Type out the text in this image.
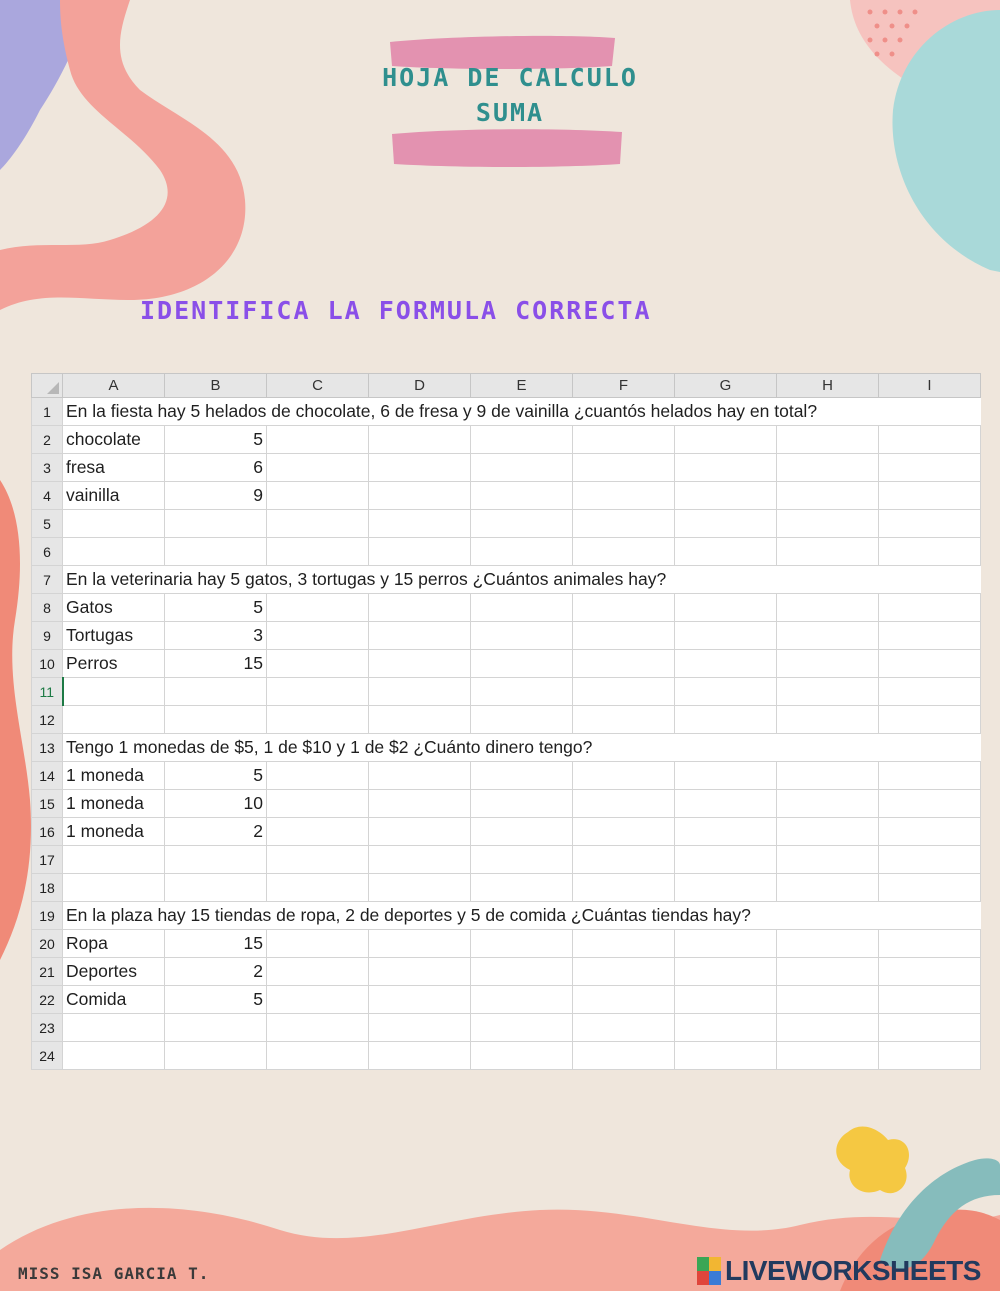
HOJA DE CALCULO
SUMA
IDENTIFICA LA FORMULA CORRECTA
	A	B	C	D	E	F	G	H	I
1	En la fiesta hay 5 helados de chocolate, 6 de fresa y 9 de vainilla ¿cuantós helados hay en total?								
2	chocolate	5							
3	fresa	6							
4	vainilla	9							
5									
6									
7	En la veterinaria hay 5 gatos, 3 tortugas y 15 perros ¿Cuántos animales hay?								
8	Gatos	5							
9	Tortugas	3							
10	Perros	15							
11									
12									
13	Tengo 1 monedas de $5, 1 de $10 y 1 de $2 ¿Cuánto dinero tengo?								
14	1 moneda	5							
15	1 moneda	10							
16	1 moneda	2							
17									
18									
19	En la plaza hay 15 tiendas de ropa, 2 de deportes y 5 de comida ¿Cuántas tiendas hay?								
20	Ropa	15							
21	Deportes	2							
22	Comida	5							
23									
24									
MISS ISA GARCIA T.	LIVEWORKSHEETS
